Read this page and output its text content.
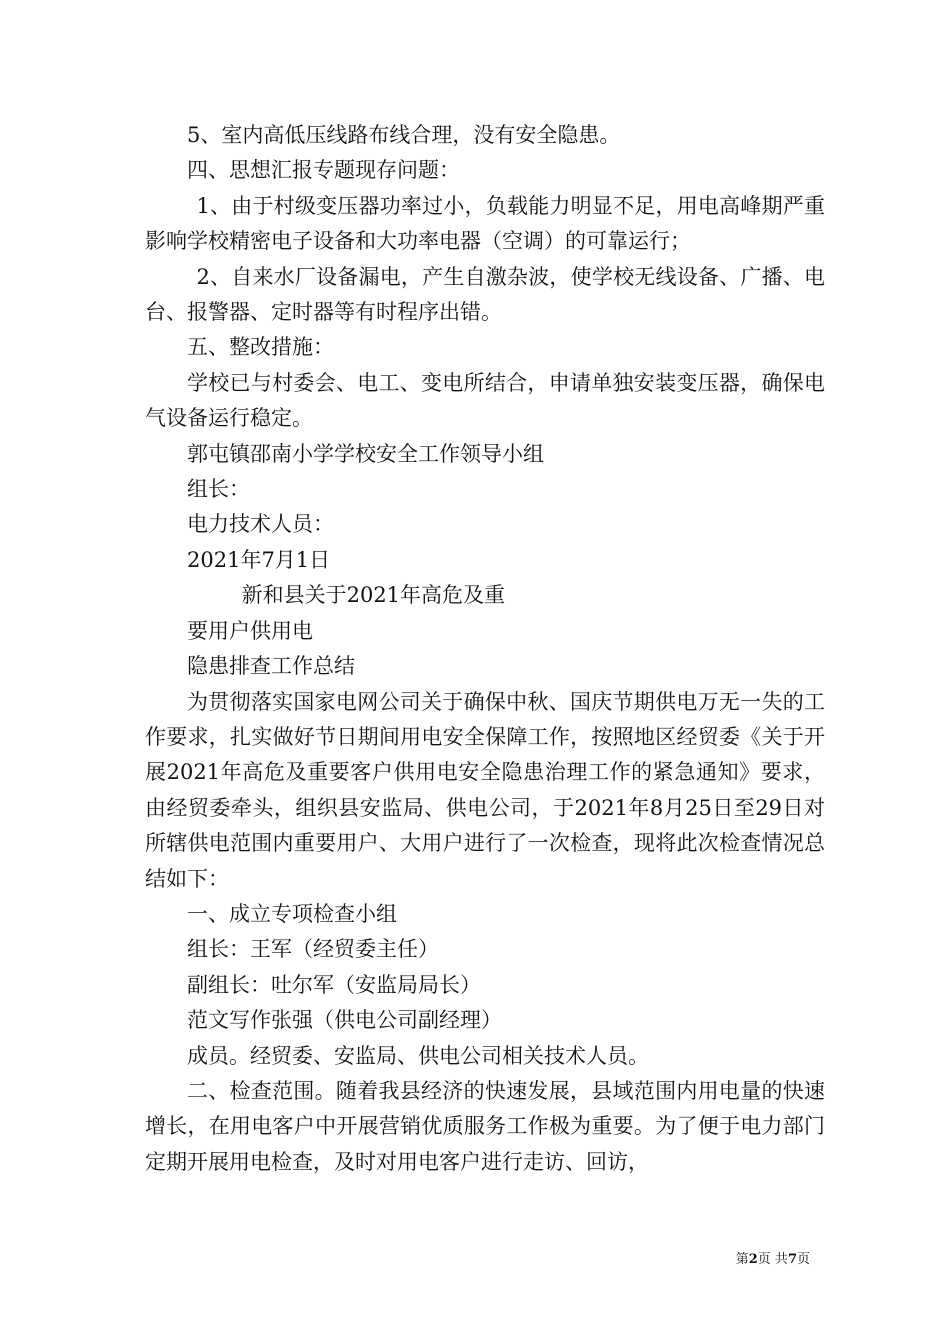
5、室内高低压线路布线合理，没有安全隐患。

四、思想汇报专题现存问题：

1、由于村级变压器功率过小，负载能力明显不足，用电高峰期严重影响学校精密电子设备和大功率电器（空调）的可靠运行；

2、自来水厂设备漏电，产生自激杂波，使学校无线设备、广播、电台、报警器、定时器等有时程序出错。

五、整改措施：

学校已与村委会、电工、变电所结合，申请单独安装变压器，确保电气设备运行稳定。

郭屯镇邵南小学学校安全工作领导小组

组长：

电力技术人员：

2021年7月1日

新和县关于2021年高危及重

要用户供用电

隐患排查工作总结

为贯彻落实国家电网公司关于确保中秋、国庆节期供电万无一失的工作要求，扎实做好节日期间用电安全保障工作，按照地区经贸委《关于开展2021年高危及重要客户供用电安全隐患治理工作的紧急通知》要求，由经贸委牵头，组织县安监局、供电公司，于2021年8月25日至29日对所辖供电范围内重要用户、大用户进行了一次检查，现将此次检查情况总结如下：

一、成立专项检查小组

组长：王军（经贸委主任）

副组长：吐尔军（安监局局长）

范文写作张强（供电公司副经理）

成员。经贸委、安监局、供电公司相关技术人员。

二、检查范围。随着我县经济的快速发展，县域范围内用电量的快速增长，在用电客户中开展营销优质服务工作极为重要。为了便于电力部门定期开展用电检查，及时对用电客户进行走访、回访，

第2页 共7页
